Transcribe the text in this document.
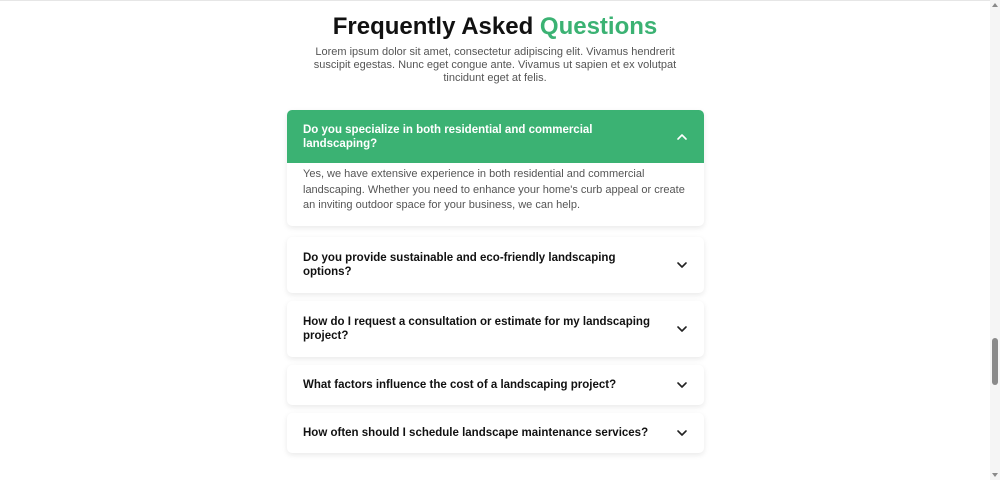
Frequently Asked Questions

Lorem ipsum dolor sit amet, consectetur adipiscing elit. Vivamus hendrerit suscipit egestas. Nunc eget congue ante. Vivamus ut sapien et ex volutpat tincidunt eget at felis.

Do you specialize in both residential and commercial landscaping?
Yes, we have extensive experience in both residential and commercial landscaping. Whether you need to enhance your home's curb appeal or create an inviting outdoor space for your business, we can help.
Do you provide sustainable and eco-friendly landscaping options?
How do I request a consultation or estimate for my landscaping project?
What factors influence the cost of a landscaping project?
How often should I schedule landscape maintenance services?
